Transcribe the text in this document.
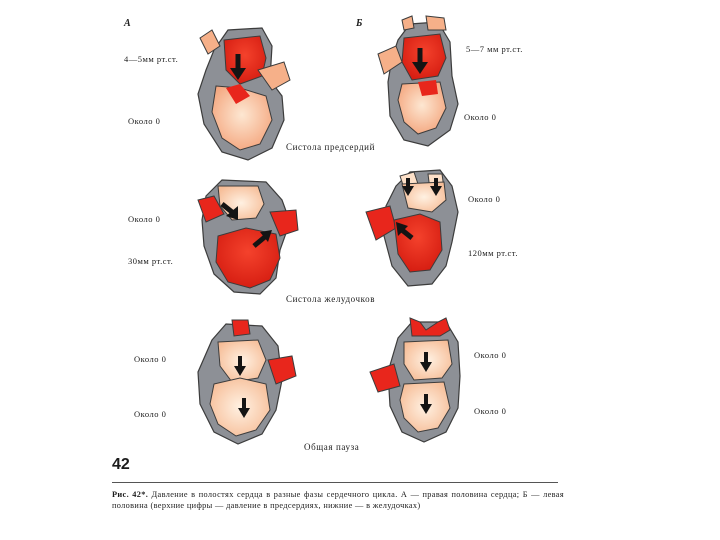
А	Б
4—5мм рт.ст.
Около 0
5—7 мм рт.ст.
Около 0
Систола предсердий
Около 0
30мм рт.ст.
Около 0
120мм рт.ст.
Систола желудочков
Около 0
Около 0
Около 0
Около 0
Общая пауза
42
Рис. 42*. Давление в полостях сердца в разные фазы сердечного цикла. А — правая половина сердца; Б — левая половина (верхние цифры — давление в предсердиях, нижние — в желудочках)
